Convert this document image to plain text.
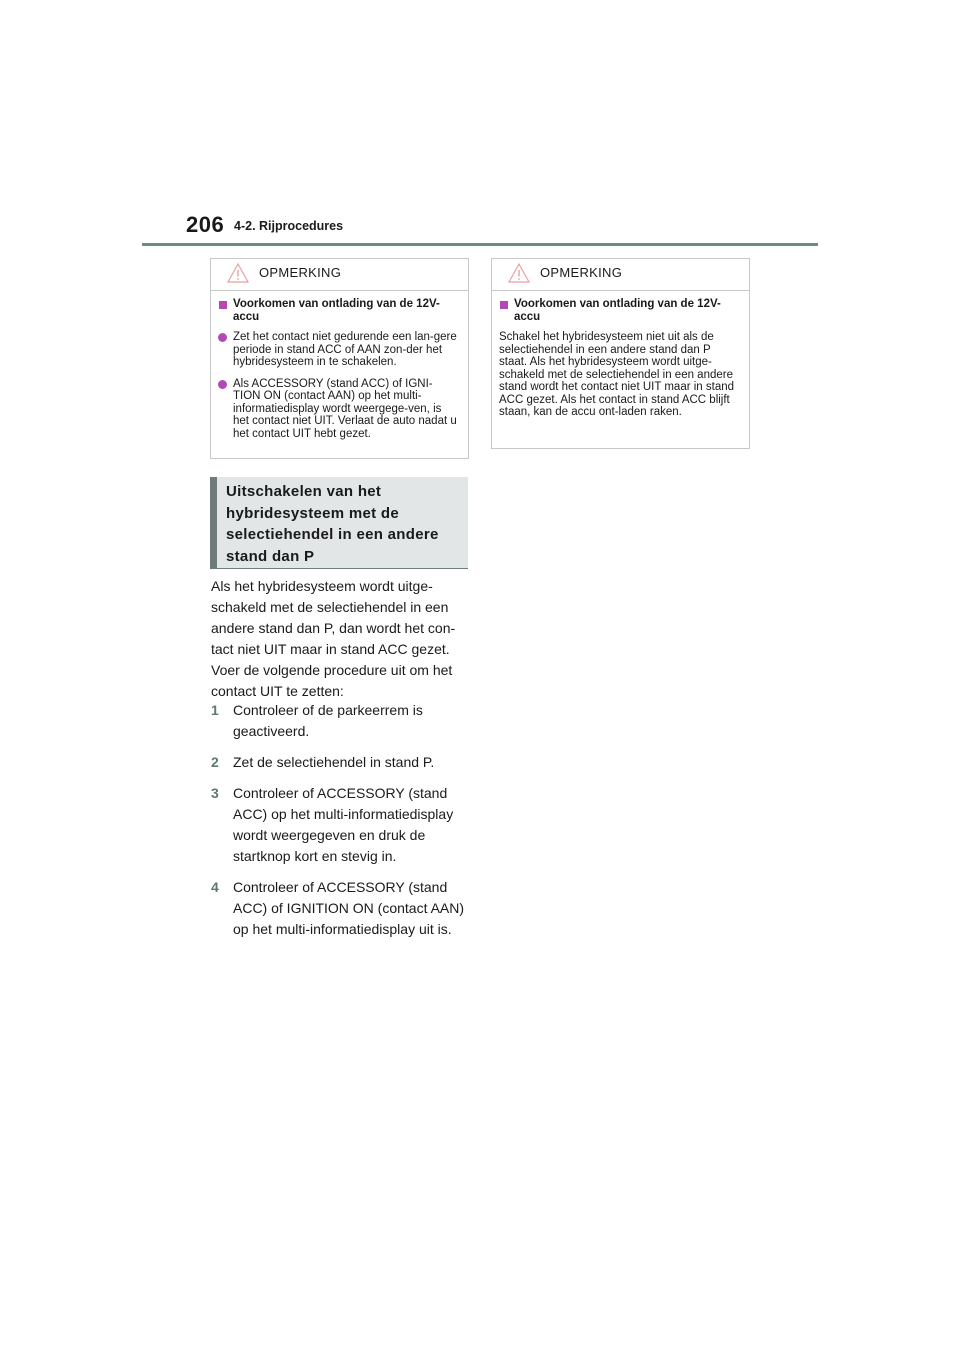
206 4-2. Rijprocedures
OPMERKING
Voorkomen van ontlading van de 12V-accu
Zet het contact niet gedurende een lan-gere periode in stand ACC of AAN zon-der het hybridesysteem in te schakelen.
Als ACCESSORY (stand ACC) of IGNI-TION ON (contact AAN) op het multi-informatiedisplay wordt weergege-ven, is het contact niet UIT. Verlaat de auto nadat u het contact UIT hebt gezet.
Uitschakelen van het hybridesysteem met de selectiehendel in een andere stand dan P
Als het hybridesysteem wordt uitge-schakeld met de selectiehendel in een andere stand dan P, dan wordt het con-tact niet UIT maar in stand ACC gezet. Voer de volgende procedure uit om het contact UIT te zetten:
1 Controleer of de parkeerrem is geactiveerd.
2 Zet de selectiehendel in stand P.
3 Controleer of ACCESSORY (stand ACC) op het multi-informatiedisplay wordt weergegeven en druk de startknop kort en stevig in.
4 Controleer of ACCESSORY (stand ACC) of IGNITION ON (contact AAN) op het multi-informatiedisplay uit is.
OPMERKING
Voorkomen van ontlading van de 12V-accu

Schakel het hybridesysteem niet uit als de selectiehendel in een andere stand dan P staat. Als het hybridesysteem wordt uitge-schakeld met de selectiehendel in een andere stand wordt het contact niet UIT maar in stand ACC gezet. Als het contact in stand ACC blijft staan, kan de accu ont-laden raken.
